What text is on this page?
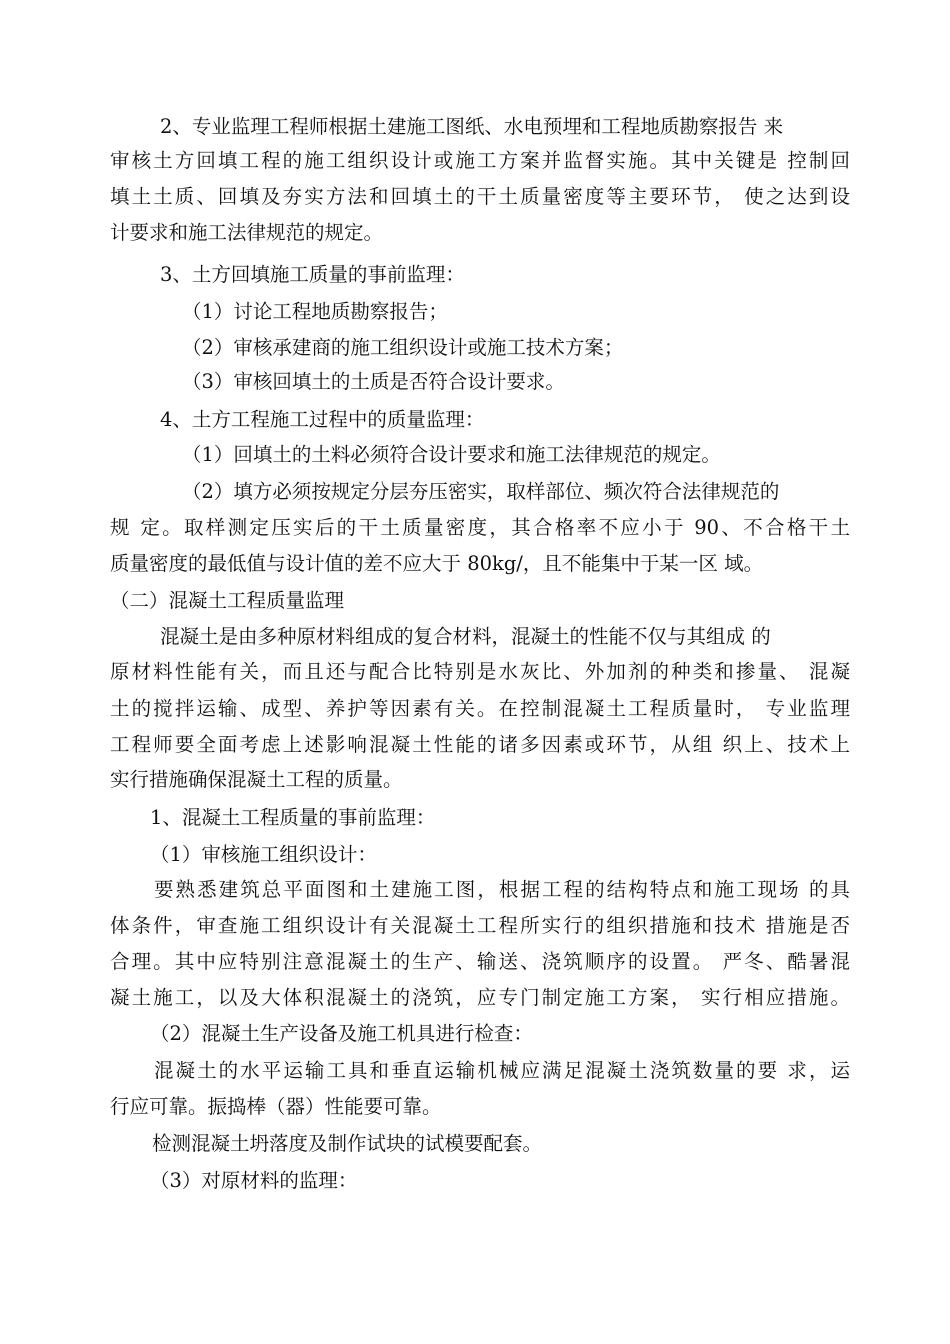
2、专业监理工程师根据土建施工图纸、水电预埋和工程地质勘察报告 来
审核土方回填工程的施工组织设计或施工方案并监督实施。其中关键是 控制回
填土土质、回填及夯实方法和回填土的干土质量密度等主要环节， 使之达到设
计要求和施工法律规范的规定。
3、土方回填施工质量的事前监理：
（1）讨论工程地质勘察报告；
（2）审核承建商的施工组织设计或施工技术方案；
（3）审核回填土的土质是否符合设计要求。
4、土方工程施工过程中的质量监理：
（1）回填土的土料必须符合设计要求和施工法律规范的规定。
（2）填方必须按规定分层夯压密实，取样部位、频次符合法律规范的
规 定。取样测定压实后的干土质量密度，其合格率不应小于 90、不合格干土
质量密度的最低值与设计值的差不应大于 80kg/，且不能集中于某一区 域。
（二）混凝土工程质量监理
混凝土是由多种原材料组成的复合材料，混凝土的性能不仅与其组成 的
原材料性能有关，而且还与配合比特别是水灰比、外加剂的种类和掺量、 混凝
土的搅拌运输、成型、养护等因素有关。在控制混凝土工程质量时， 专业监理
工程师要全面考虑上述影响混凝土性能的诸多因素或环节，从组 织上、技术上
实行措施确保混凝土工程的质量。
1、混凝土工程质量的事前监理：
（1）审核施工组织设计：
要熟悉建筑总平面图和土建施工图，根据工程的结构特点和施工现场 的具
体条件，审查施工组织设计有关混凝土工程所实行的组织措施和技术 措施是否
合理。其中应特别注意混凝土的生产、输送、浇筑顺序的设置。 严冬、酷暑混
凝土施工，以及大体积混凝土的浇筑，应专门制定施工方案， 实行相应措施。
（2）混凝土生产设备及施工机具进行检查：
混凝土的水平运输工具和垂直运输机械应满足混凝土浇筑数量的要 求，运
行应可靠。振捣棒（器）性能要可靠。
检测混凝土坍落度及制作试块的试模要配套。
（3）对原材料的监理：
